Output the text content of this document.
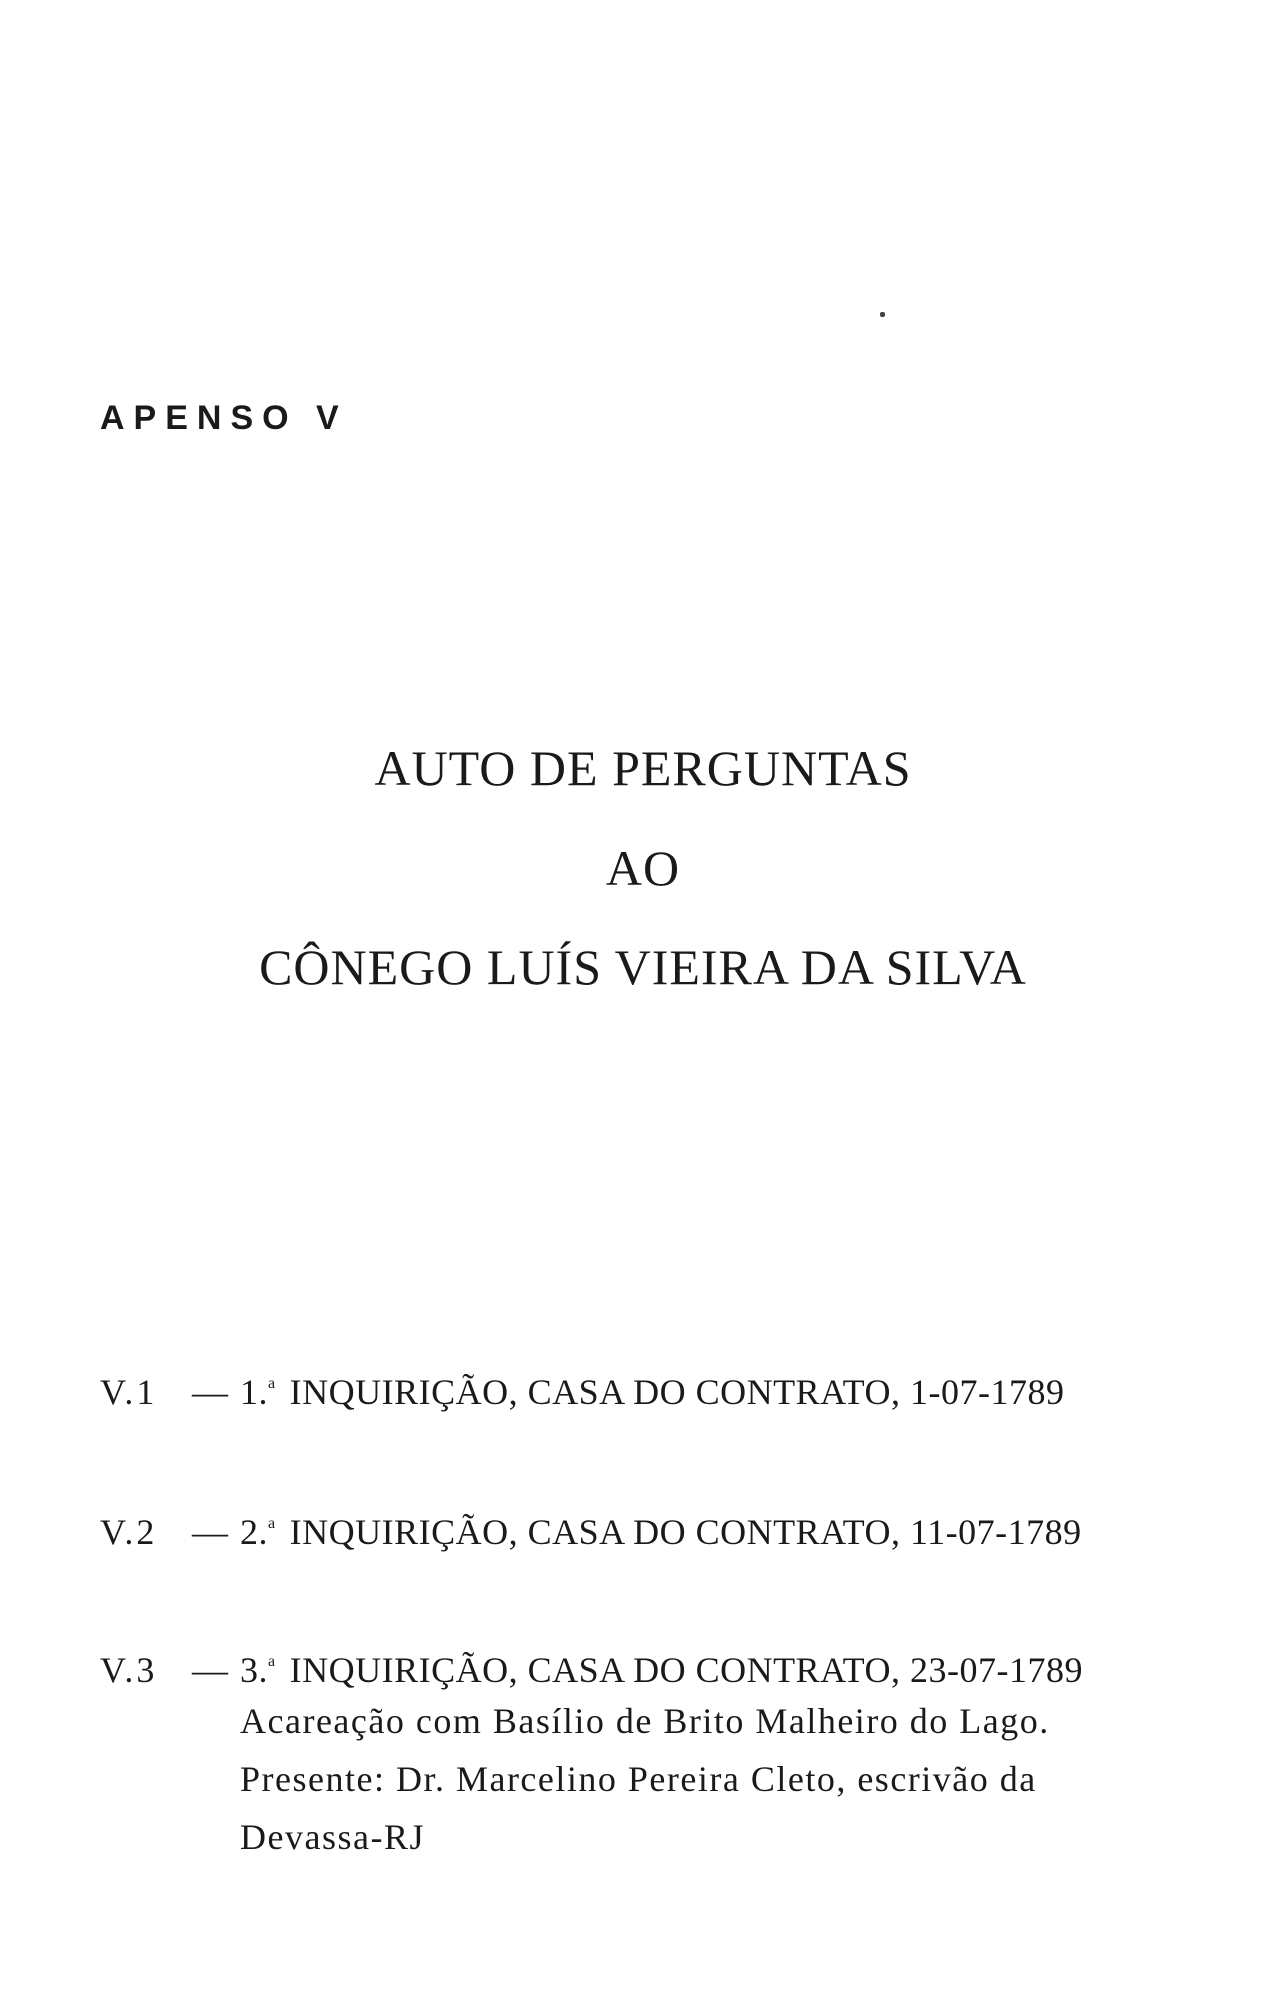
APENSO V
AUTO DE PERGUNTAS
AO
CÔNEGO LUÍS VIEIRA DA SILVA
V.1 — 1.$^a$ INQUIRIÇÃO, CASA DO CONTRATO, 1-07-1789
V.2 — 2.$^a$ INQUIRIÇÃO, CASA DO CONTRATO, 11-07-1789
V.3 — 3.$^a$ INQUIRIÇÃO, CASA DO CONTRATO, 23-07-1789
Acareação com Basílio de Brito Malheiro do Lago.
Presente: Dr. Marcelino Pereira Cleto, escrivão da
Devassa-RJ
